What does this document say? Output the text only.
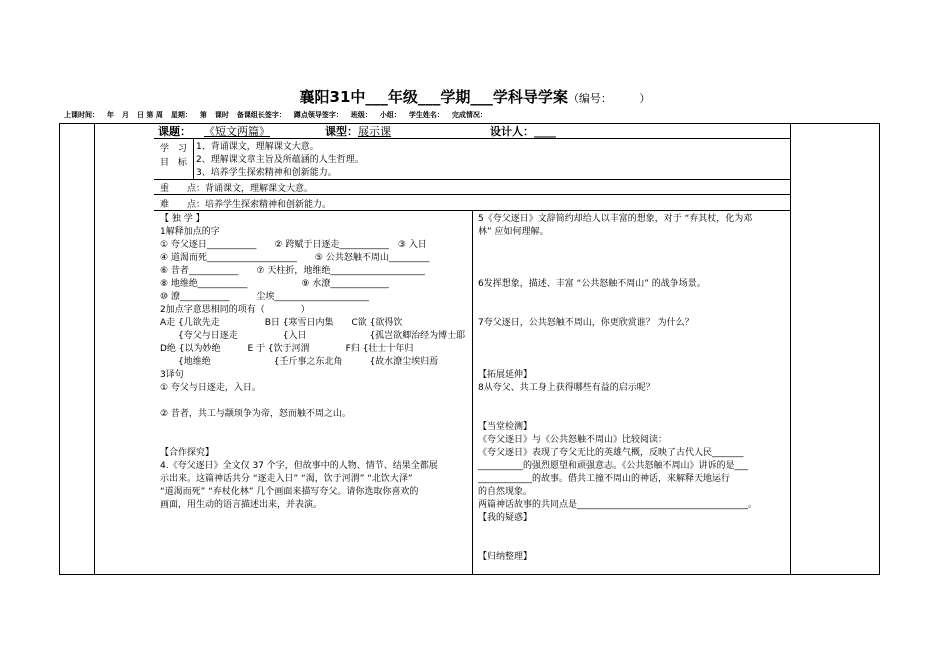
襄阳31中___年级___学期___学科导学案（编号：　　　）
上课时间： 年 月 日 第 周 星期： 第 课时 备课组长签字： 蹲点领导签字： 班级： 小组： 学生姓名： 完成情况：
课题： 《短文两篇》	课型：展示课	设计人：____
学 习
目 标
1、背诵课文，理解课文大意。
2、理解课文章主旨及所蕴涵的人生哲理。
3、培养学生探索精神和创新能力。
重　　点：背诵课文，理解课文大意。
难　　点：培养学生探索精神和创新能力。
【 独 学 】
1解释加点的字
① 夸父逐日___________　　② 跨赋于日逐走___________　③ 入日
④ 道渴而死____________________　　⑤ 公共怒触不周山_________
⑥ 昔者___________　　⑦ 天柱折，地维绝_____________________
⑧ 地维绝___________　　　　　　⑨ 水潦_____________
⑩ 潦___________　　　尘埃_____________________
2加点字意思相同的项有（　　　　）
A走 {几欲先走　　　　　B日 {寒雪日内集　　C欲 {欲得饮
　　{夸父与日逐走　　　　　{入日　　　　　　　{孤岂欲卿治经为博士耶
D绝 {以为妙绝　　　E 于 {饮于河渭　　　　F归 {壮士十年归
　　{地维绝　　　　　　　{壬斤事之东北角　　　{故水潦尘埃归焉
3译句
① 夸父与日逐走，入日。
② 昔者，共工与颛顼争为帝，怒而触不周之山。
【合作探究】
4.《夸父逐日》全文仅 37 个字，但故事中的人物、情节、结果全都展
示出来。这篇神话共分 “逐走入日” “渴，饮于河渭” “北饮大泽”
“道渴而死” “弃杖化林” 几个画面来描写夸父。请你选取你喜欢的
画面，用生动的语言描述出来，并表演。
5《夸父逐日》文辞简约却给人以丰富的想象，对于 “弃其杖，化为邓
林” 应如何理解。
6发挥想象，描述、丰富 “公共怒触不周山” 的战争场景。
7夸父逐日，公共怒触不周山，你更欣赏谁？ 为什么？
【拓展延伸】
8从夸父、共工身上获得哪些有益的启示呢？
【当堂检测】
《夸父逐日》与《公共怒触不周山》比较阅读：
《夸父逐日》表现了夸父无比的英雄气概，反映了古代人民_______
__________的强烈愿望和顽强意志。《公共怒触不周山》讲诉的是___
____________的故事。借共工撞不周山的神话，来解释天地运行
的自然现象。
两篇神话故事的共同点是______________________________________。
【我的疑惑】
【归纳整理】
